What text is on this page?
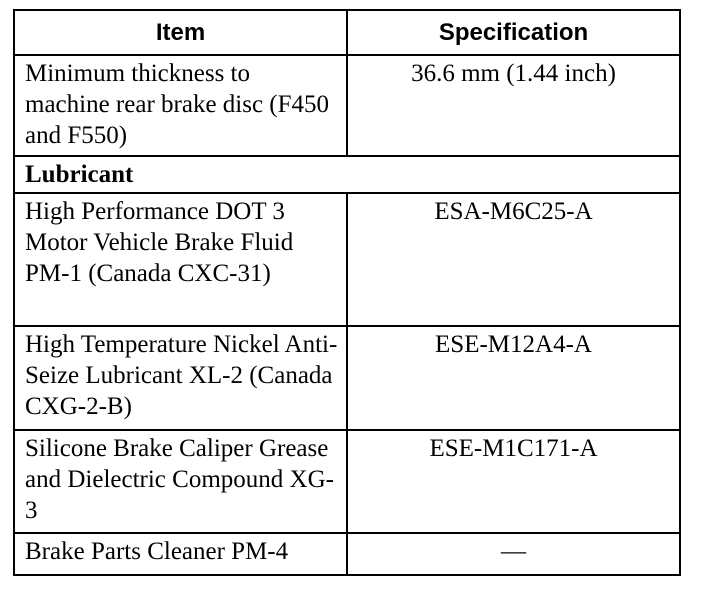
Item	Specification
Minimum thickness to machine rear brake disc (F450 and F550)	36.6 mm (1.44 inch)
Lubricant	
High Performance DOT 3 Motor Vehicle Brake Fluid PM-1 (Canada CXC-31)	ESA-M6C25-A
High Temperature Nickel Anti-Seize Lubricant XL-2 (Canada CXG-2-B)	ESE-M12A4-A
Silicone Brake Caliper Grease and Dielectric Compound XG-3	ESE-M1C171-A
Brake Parts Cleaner PM-4	—
